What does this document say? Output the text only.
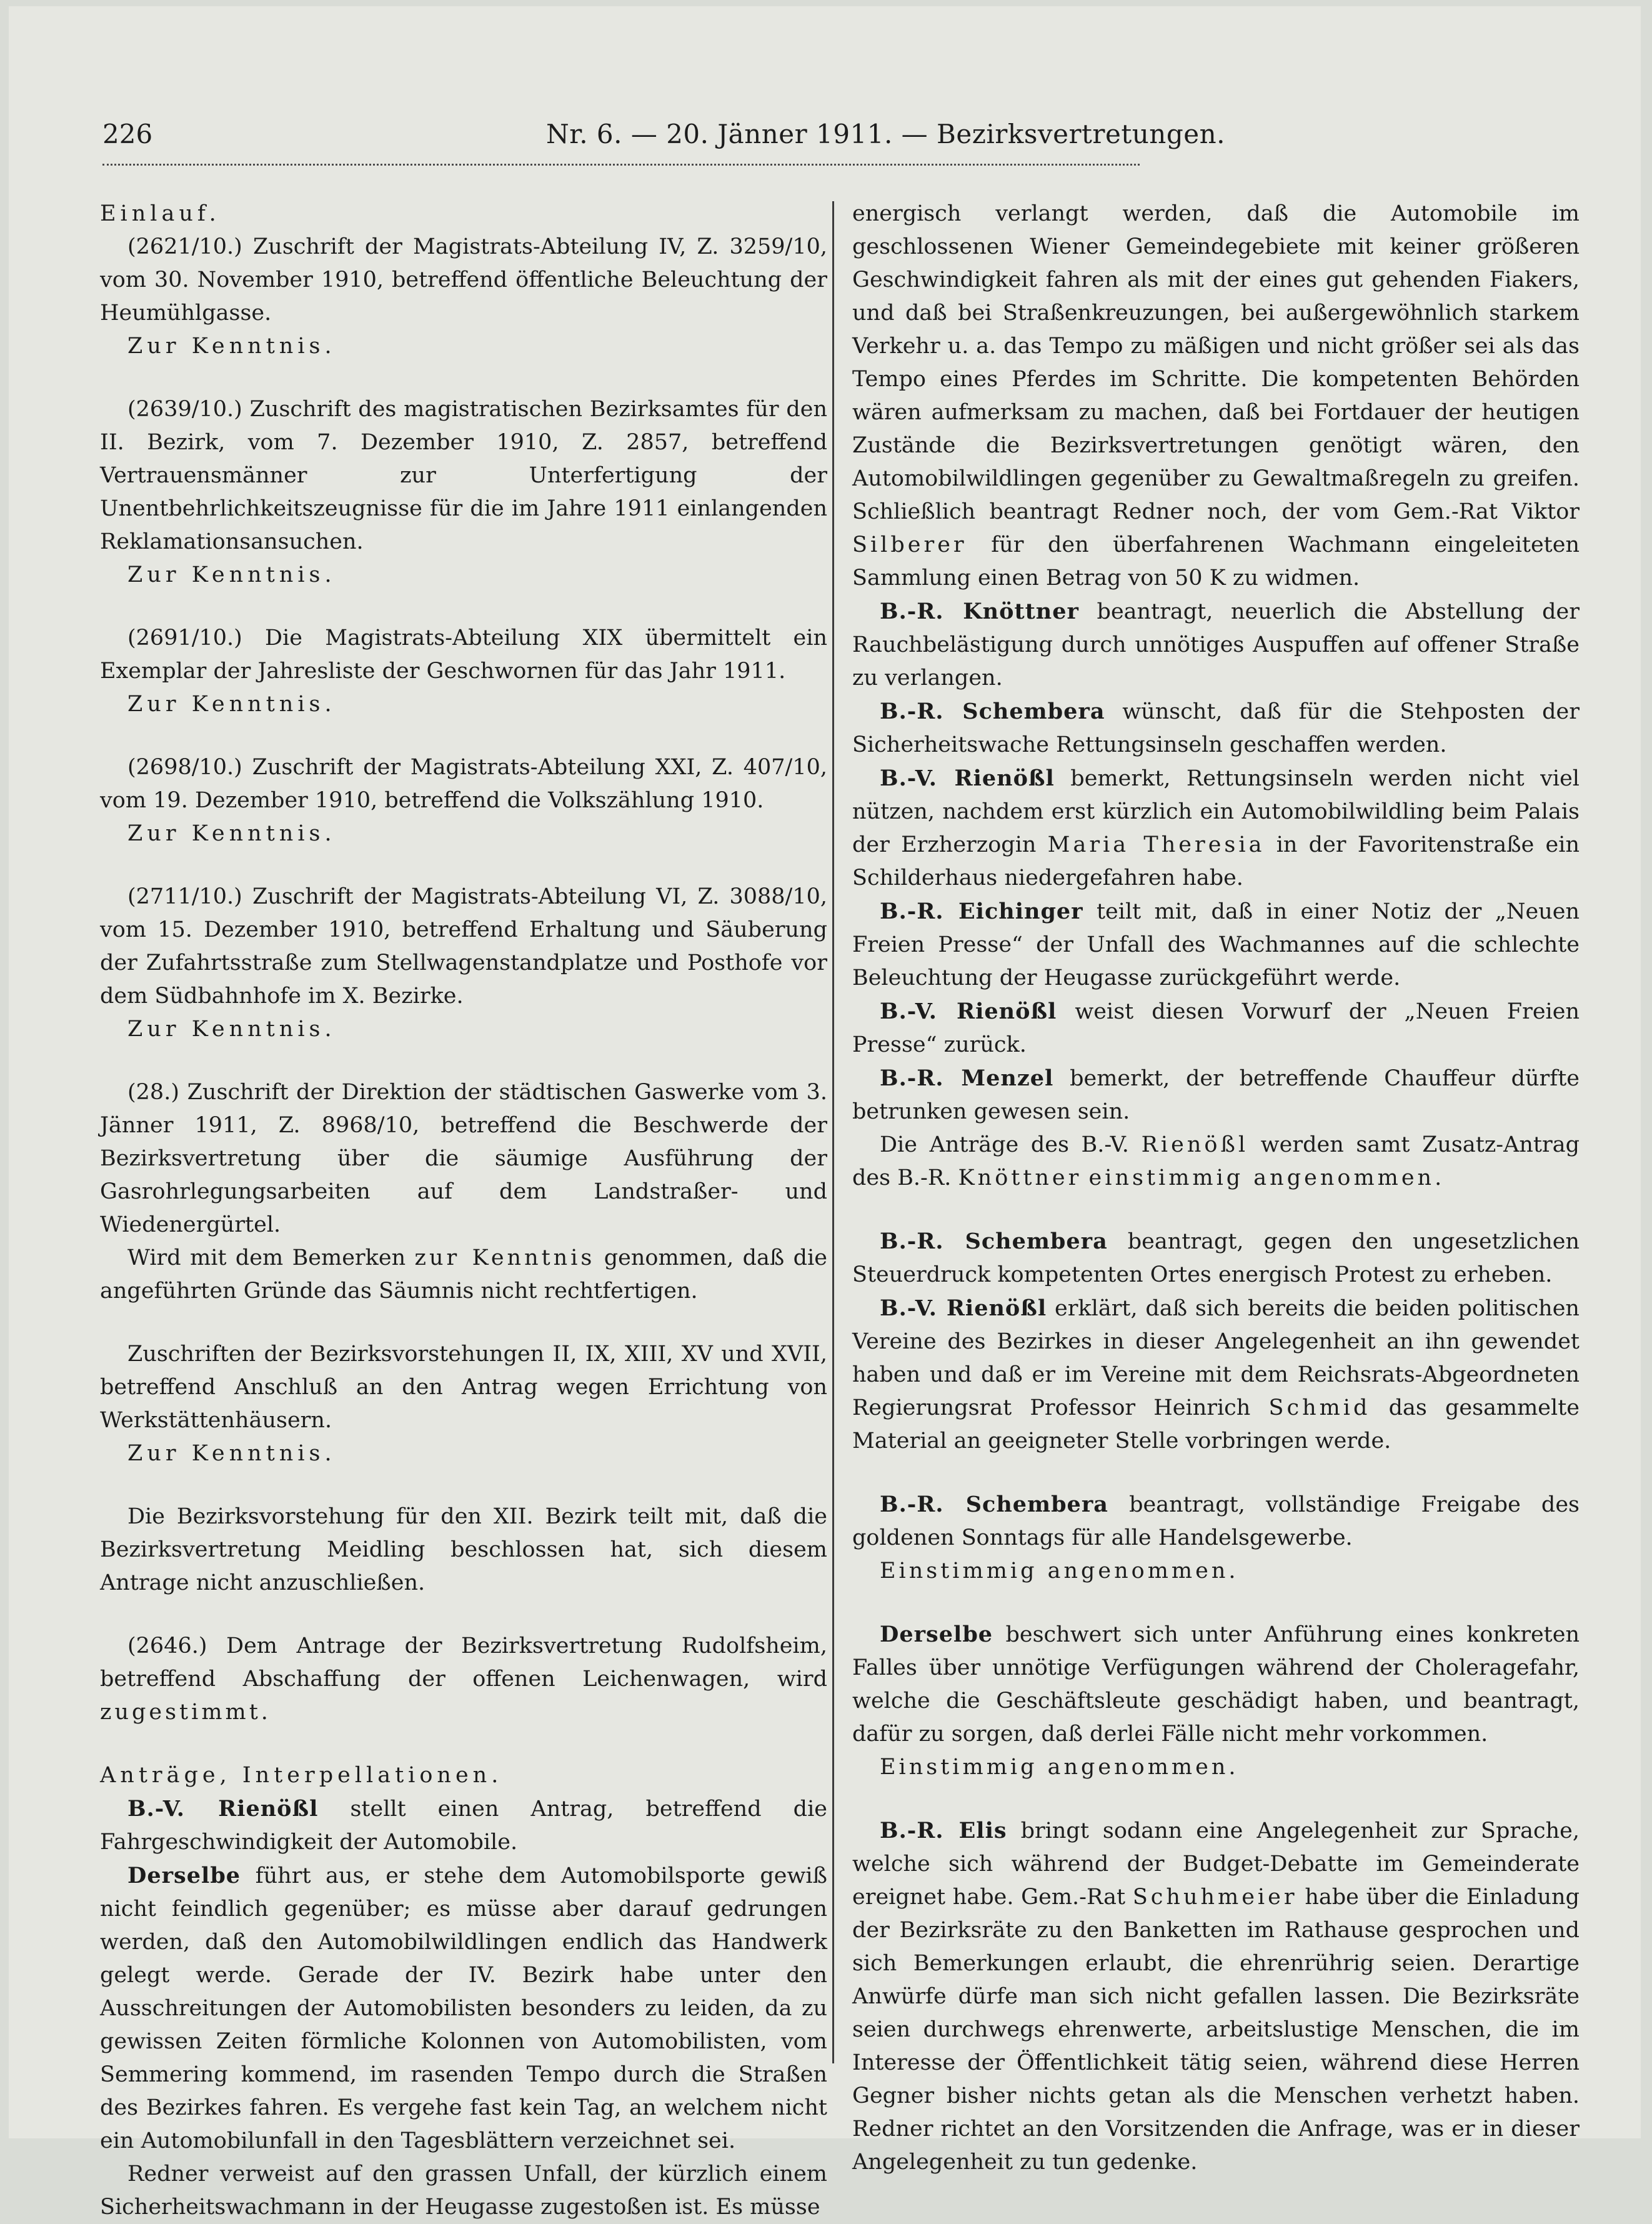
226	Nr. 6. — 20. Jänner 1911. — Bezirksvertretungen.

Einlauf.

(2621/10.) Zuschrift der Magistrats-Abteilung IV, Z. 3259/10, vom 30. November 1910, betreffend öffentliche Beleuchtung der Heumühlgasse.

Zur Kenntnis.

(2639/10.) Zuschrift des magistratischen Bezirksamtes für den II. Bezirk, vom 7. Dezember 1910, Z. 2857, betreffend Vertrauensmänner zur Unterfertigung der Unentbehrlichkeitszeugnisse für die im Jahre 1911 einlangenden Reklamationsansuchen.

Zur Kenntnis.

(2691/10.) Die Magistrats-Abteilung XIX übermittelt ein Exemplar der Jahresliste der Geschwornen für das Jahr 1911.

Zur Kenntnis.

(2698/10.) Zuschrift der Magistrats-Abteilung XXI, Z. 407/10, vom 19. Dezember 1910, betreffend die Volkszählung 1910.

Zur Kenntnis.

(2711/10.) Zuschrift der Magistrats-Abteilung VI, Z. 3088/10, vom 15. Dezember 1910, betreffend Erhaltung und Säuberung der Zufahrtsstraße zum Stellwagenstandplatze und Posthofe vor dem Südbahnhofe im X. Bezirke.

Zur Kenntnis.

(28.) Zuschrift der Direktion der städtischen Gaswerke vom 3. Jänner 1911, Z. 8968/10, betreffend die Beschwerde der Bezirksvertretung über die säumige Ausführung der Gasrohrlegungsarbeiten auf dem Landstraßer- und Wiedenergürtel.

Wird mit dem Bemerken zur Kenntnis genommen, daß die angeführten Gründe das Säumnis nicht rechtfertigen.

Zuschriften der Bezirksvorstehungen II, IX, XIII, XV und XVII, betreffend Anschluß an den Antrag wegen Errichtung von Werkstättenhäusern.

Zur Kenntnis.

Die Bezirksvorstehung für den XII. Bezirk teilt mit, daß die Bezirksvertretung Meidling beschlossen hat, sich diesem Antrage nicht anzuschließen.

(2646.) Dem Antrage der Bezirksvertretung Rudolfsheim, betreffend Abschaffung der offenen Leichenwagen, wird zugestimmt.

Anträge, Interpellationen.

B.-V. Rienößl stellt einen Antrag, betreffend die Fahrgeschwindigkeit der Automobile.

Derselbe führt aus, er stehe dem Automobilsporte gewiß nicht feindlich gegenüber; es müsse aber darauf gedrungen werden, daß den Automobilwildlingen endlich das Handwerk gelegt werde. Gerade der IV. Bezirk habe unter den Ausschreitungen der Automobilisten besonders zu leiden, da zu gewissen Zeiten förmliche Kolonnen von Automobilisten, vom Semmering kommend, im rasenden Tempo durch die Straßen des Bezirkes fahren. Es vergehe fast kein Tag, an welchem nicht ein Automobilunfall in den Tagesblättern verzeichnet sei.

Redner verweist auf den grassen Unfall, der kürzlich einem Sicherheitswachmann in der Heugasse zugestoßen ist. Es müsse

energisch verlangt werden, daß die Automobile im geschlossenen Wiener Gemeindegebiete mit keiner größeren Geschwindigkeit fahren als mit der eines gut gehenden Fiakers, und daß bei Straßenkreuzungen, bei außergewöhnlich starkem Verkehr u. a. das Tempo zu mäßigen und nicht größer sei als das Tempo eines Pferdes im Schritte. Die kompetenten Behörden wären aufmerksam zu machen, daß bei Fortdauer der heutigen Zustände die Bezirksvertretungen genötigt wären, den Automobilwildlingen gegenüber zu Gewaltmaßregeln zu greifen. Schließlich beantragt Redner noch, der vom Gem.-Rat Viktor Silberer für den überfahrenen Wachmann eingeleiteten Sammlung einen Betrag von 50 K zu widmen.

B.-R. Knöttner beantragt, neuerlich die Abstellung der Rauchbelästigung durch unnötiges Auspuffen auf offener Straße zu verlangen.

B.-R. Schembera wünscht, daß für die Stehposten der Sicherheitswache Rettungsinseln geschaffen werden.

B.-V. Rienößl bemerkt, Rettungsinseln werden nicht viel nützen, nachdem erst kürzlich ein Automobilwildling beim Palais der Erzherzogin Maria Theresia in der Favoritenstraße ein Schilderhaus niedergefahren habe.

B.-R. Eichinger teilt mit, daß in einer Notiz der „Neuen Freien Presse“ der Unfall des Wachmannes auf die schlechte Beleuchtung der Heugasse zurückgeführt werde.

B.-V. Rienößl weist diesen Vorwurf der „Neuen Freien Presse“ zurück.

B.-R. Menzel bemerkt, der betreffende Chauffeur dürfte betrunken gewesen sein.

Die Anträge des B.-V. Rienößl werden samt Zusatz-Antrag des B.-R. Knöttner einstimmig angenommen.

B.-R. Schembera beantragt, gegen den ungesetzlichen Steuerdruck kompetenten Ortes energisch Protest zu erheben.

B.-V. Rienößl erklärt, daß sich bereits die beiden politischen Vereine des Bezirkes in dieser Angelegenheit an ihn gewendet haben und daß er im Vereine mit dem Reichsrats-Abgeordneten Regierungsrat Professor Heinrich Schmid das gesammelte Material an geeigneter Stelle vorbringen werde.

B.-R. Schembera beantragt, vollständige Freigabe des goldenen Sonntags für alle Handelsgewerbe.

Einstimmig angenommen.

Derselbe beschwert sich unter Anführung eines konkreten Falles über unnötige Verfügungen während der Choleragefahr, welche die Geschäftsleute geschädigt haben, und beantragt, dafür zu sorgen, daß derlei Fälle nicht mehr vorkommen.

Einstimmig angenommen.

B.-R. Elis bringt sodann eine Angelegenheit zur Sprache, welche sich während der Budget-Debatte im Gemeinderate ereignet habe. Gem.-Rat Schuhmeier habe über die Einladung der Bezirksräte zu den Banketten im Rathause gesprochen und sich Bemerkungen erlaubt, die ehrenrührig seien. Derartige Anwürfe dürfe man sich nicht gefallen lassen. Die Bezirksräte seien durchwegs ehrenwerte, arbeitslustige Menschen, die im Interesse der Öffentlichkeit tätig seien, während diese Herren Gegner bisher nichts getan als die Menschen verhetzt haben. Redner richtet an den Vorsitzenden die Anfrage, was er in dieser Angelegenheit zu tun gedenke.
